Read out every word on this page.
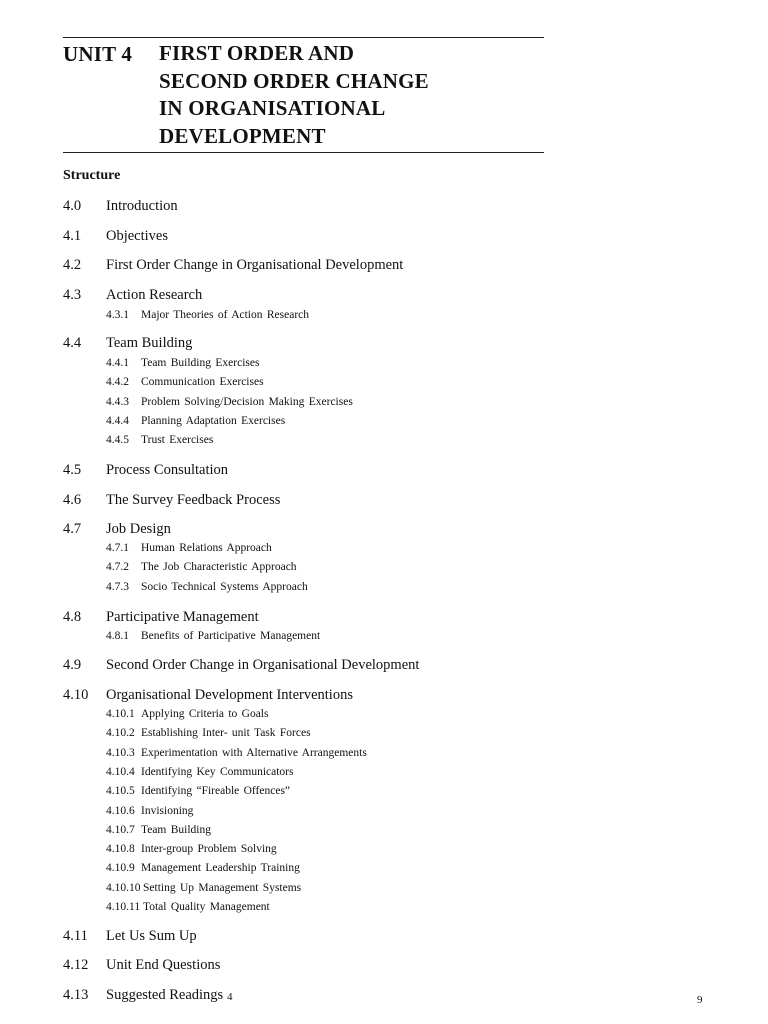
UNIT 4 FIRST ORDER AND
SECOND ORDER CHANGE
IN ORGANISATIONAL
DEVELOPMENT
Structure
4.0 Introduction
4.1 Objectives
4.2 First Order Change in Organisational Development
4.3 Action Research
4.3.1 Major Theories of Action Research
4.4 Team Building
4.4.1 Team Building Exercises
4.4.2 Communication Exercises
4.4.3 Problem Solving/Decision Making Exercises
4.4.4 Planning Adaptation Exercises
4.4.5 Trust Exercises
4.5 Process Consultation
4.6 The Survey Feedback Process
4.7 Job Design
4.7.1 Human Relations Approach
4.7.2 The Job Characteristic Approach
4.7.3 Socio Technical Systems Approach
4.8 Participative Management
4.8.1 Benefits of Participative Management
4.9 Second Order Change in Organisational Development
4.10 Organisational Development Interventions
4.10.1 Applying Criteria to Goals
4.10.2 Establishing Inter- unit Task Forces
4.10.3 Experimentation with Alternative Arrangements
4.10.4 Identifying Key Communicators
4.10.5 Identifying “Fireable Offences”
4.10.6 Invisioning
4.10.7 Team Building
4.10.8 Inter-group Problem Solving
4.10.9 Management Leadership Training
4.10.10 Setting Up Management Systems
4.10.11 Total Quality Management
4.11 Let Us Sum Up
4.12 Unit End Questions
4.13 Suggested Readings 4	9
